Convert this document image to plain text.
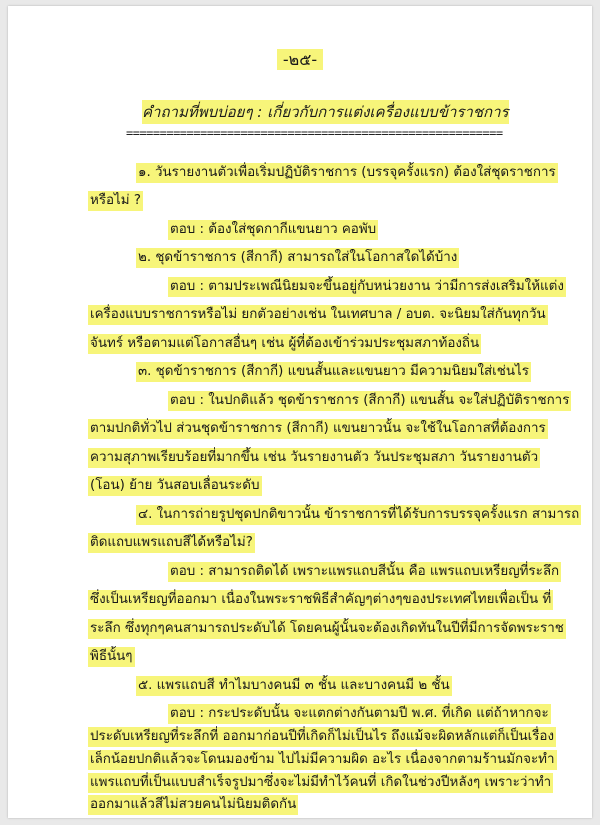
-๒๕-
คำถามที่พบบ่อยๆ : เกี่ยวกับการแต่งเครื่องแบบข้าราชการ
========================================================
๑. วันรายงานตัวเพื่อเริ่มปฏิบัติราชการ (บรรจุครั้งแรก) ต้องใส่ชุดราชการ
หรือไม่ ?
ตอบ : ต้องใส่ชุดกากีแขนยาว คอพับ
๒. ชุดข้าราชการ (สีกากี) สามารถใส่ในโอกาสใดได้บ้าง
ตอบ : ตามประเพณีนิยมจะขึ้นอยู่กับหน่วยงาน ว่ามีการส่งเสริมให้แต่ง
เครื่องแบบราชการหรือไม่ ยกตัวอย่างเช่น ในเทศบาล / อบต. จะนิยมใส่กันทุกวัน
จันทร์ หรือตามแต่โอกาสอื่นๆ เช่น ผู้ที่ต้องเข้าร่วมประชุมสภาท้องถิ่น
๓. ชุดข้าราชการ (สีกากี) แขนสั้นและแขนยาว มีความนิยมใส่เช่นไร
ตอบ : ในปกติแล้ว ชุดข้าราชการ (สีกากี) แขนสั้น จะใส่ปฏิบัติราชการ
ตามปกติทั่วไป ส่วนชุดข้าราชการ (สีกากี) แขนยาวนั้น จะใช้ในโอกาสที่ต้องการ
ความสุภาพเรียบร้อยที่มากขึ้น เช่น วันรายงานตัว วันประชุมสภา วันรายงานตัว
(โอน) ย้าย วันสอบเลื่อนระดับ
๔. ในการถ่ายรูปชุดปกติขาวนั้น ข้าราชการที่ได้รับการบรรจุครั้งแรก สามารถ
ติดแถบแพรแถบสีได้หรือไม่?
ตอบ : สามารถติดได้ เพราะแพรแถบสีนั้น คือ แพรแถบเหรียญที่ระลึก
ซึ่งเป็นเหรียญที่ออกมา เนื่องในพระราชพิธีสำคัญๆต่างๆของประเทศไทยเพื่อเป็น ที่
ระลึก ซึ่งทุกๆคนสามารถประดับได้ โดยคนผู้นั้นจะต้องเกิดทันในปีที่มีการจัดพระราช
พิธีนั้นๆ
๕. แพรแถบสี ทำไมบางคนมี ๓ ชั้น และบางคนมี ๒ ชั้น
ตอบ : กระประดับนั้น จะแตกต่างกันตามปี พ.ศ. ที่เกิด แต่ถ้าหากจะ
ประดับเหรียญที่ระลึกที่ ออกมาก่อนปีที่เกิดก็ไม่เป็นไร ถึงแม้จะผิดหลักแต่ก็เป็นเรื่อง
เล็กน้อยปกติแล้วจะโดนมองข้าม ไปไม่มีความผิด อะไร เนื่องจากตามร้านมักจะทำ
แพรแถบที่เป็นแบบสำเร็จรูปมาซึ่งจะไม่มีทำไว้คนที่ เกิดในช่วงปีหลังๆ เพราะว่าทำ
ออกมาแล้วสีไม่สวยคนไม่นิยมติดกัน
